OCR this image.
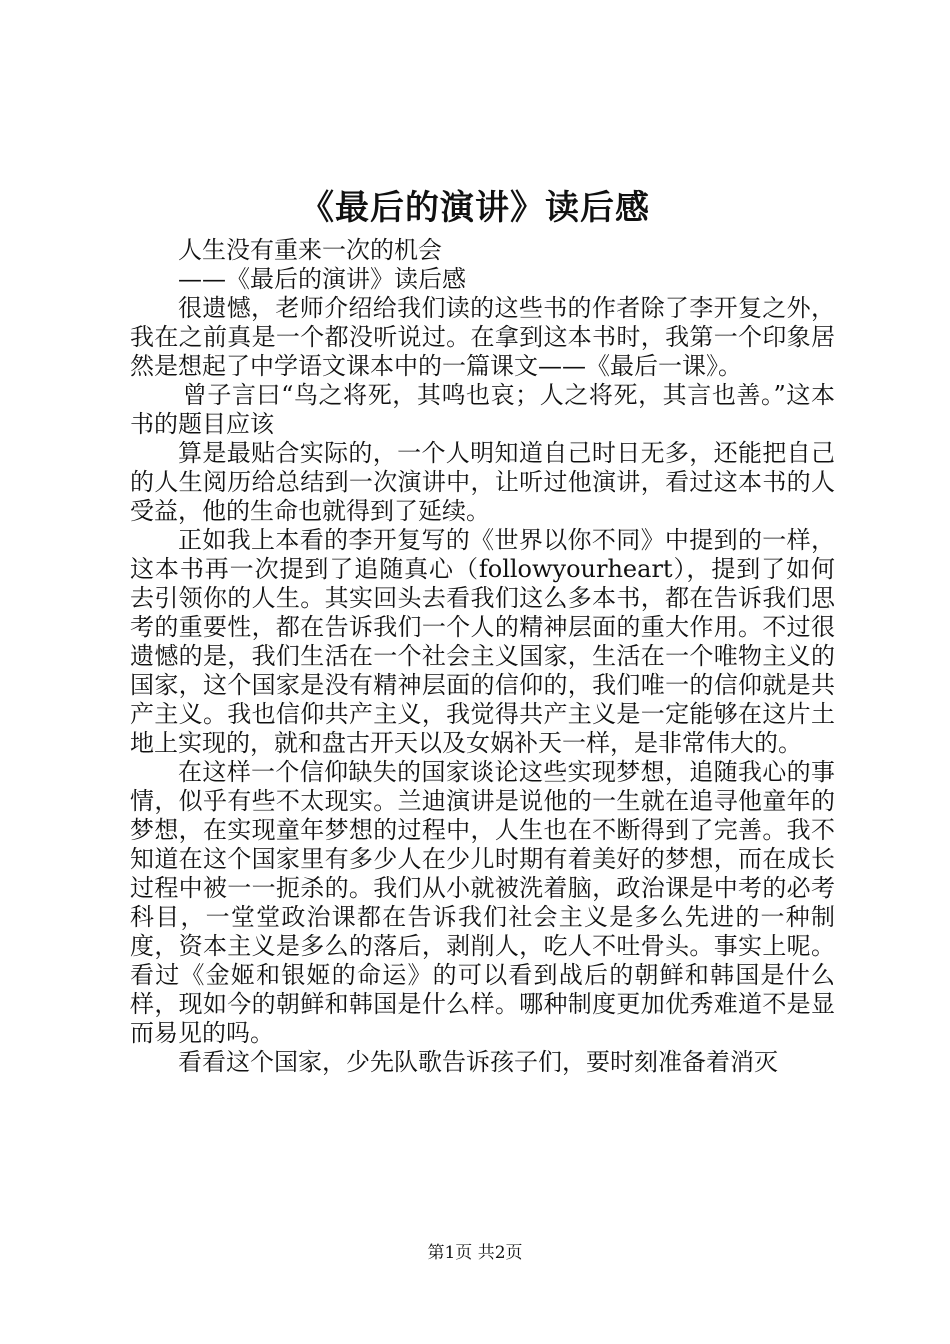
《最后的演讲》读后感

人生没有重来一次的机会

——《最后的演讲》读后感

很遗憾，老师介绍给我们读的这些书的作者除了李开复之外，我在之前真是一个都没听说过。在拿到这本书时，我第一个印象居然是想起了中学语文课本中的一篇课文——《最后一课》。

曾子言曰“鸟之将死，其鸣也哀；人之将死，其言也善。”这本书的题目应该

算是最贴合实际的，一个人明知道自己时日无多，还能把自己的人生阅历给总结到一次演讲中，让听过他演讲，看过这本书的人受益，他的生命也就得到了延续。

正如我上本看的李开复写的《世界以你不同》中提到的一样，这本书再一次提到了追随真心（followyourheart），提到了如何去引领你的人生。其实回头去看我们这么多本书，都在告诉我们思考的重要性，都在告诉我们一个人的精神层面的重大作用。不过很遗憾的是，我们生活在一个社会主义国家，生活在一个唯物主义的国家，这个国家是没有精神层面的信仰的，我们唯一的信仰就是共产主义。我也信仰共产主义，我觉得共产主义是一定能够在这片土地上实现的，就和盘古开天以及女娲补天一样，是非常伟大的。

在这样一个信仰缺失的国家谈论这些实现梦想，追随我心的事情，似乎有些不太现实。兰迪演讲是说他的一生就在追寻他童年的梦想，在实现童年梦想的过程中，人生也在不断得到了完善。我不知道在这个国家里有多少人在少儿时期有着美好的梦想，而在成长过程中被一一扼杀的。我们从小就被洗着脑，政治课是中考的必考科目，一堂堂政治课都在告诉我们社会主义是多么先进的一种制度，资本主义是多么的落后，剥削人，吃人不吐骨头。事实上呢。看过《金姬和银姬的命运》的可以看到战后的朝鲜和韩国是什么样，现如今的朝鲜和韩国是什么样。哪种制度更加优秀难道不是显而易见的吗。

看看这个国家，少先队歌告诉孩子们，要时刻准备着消灭

第1页 共2页
